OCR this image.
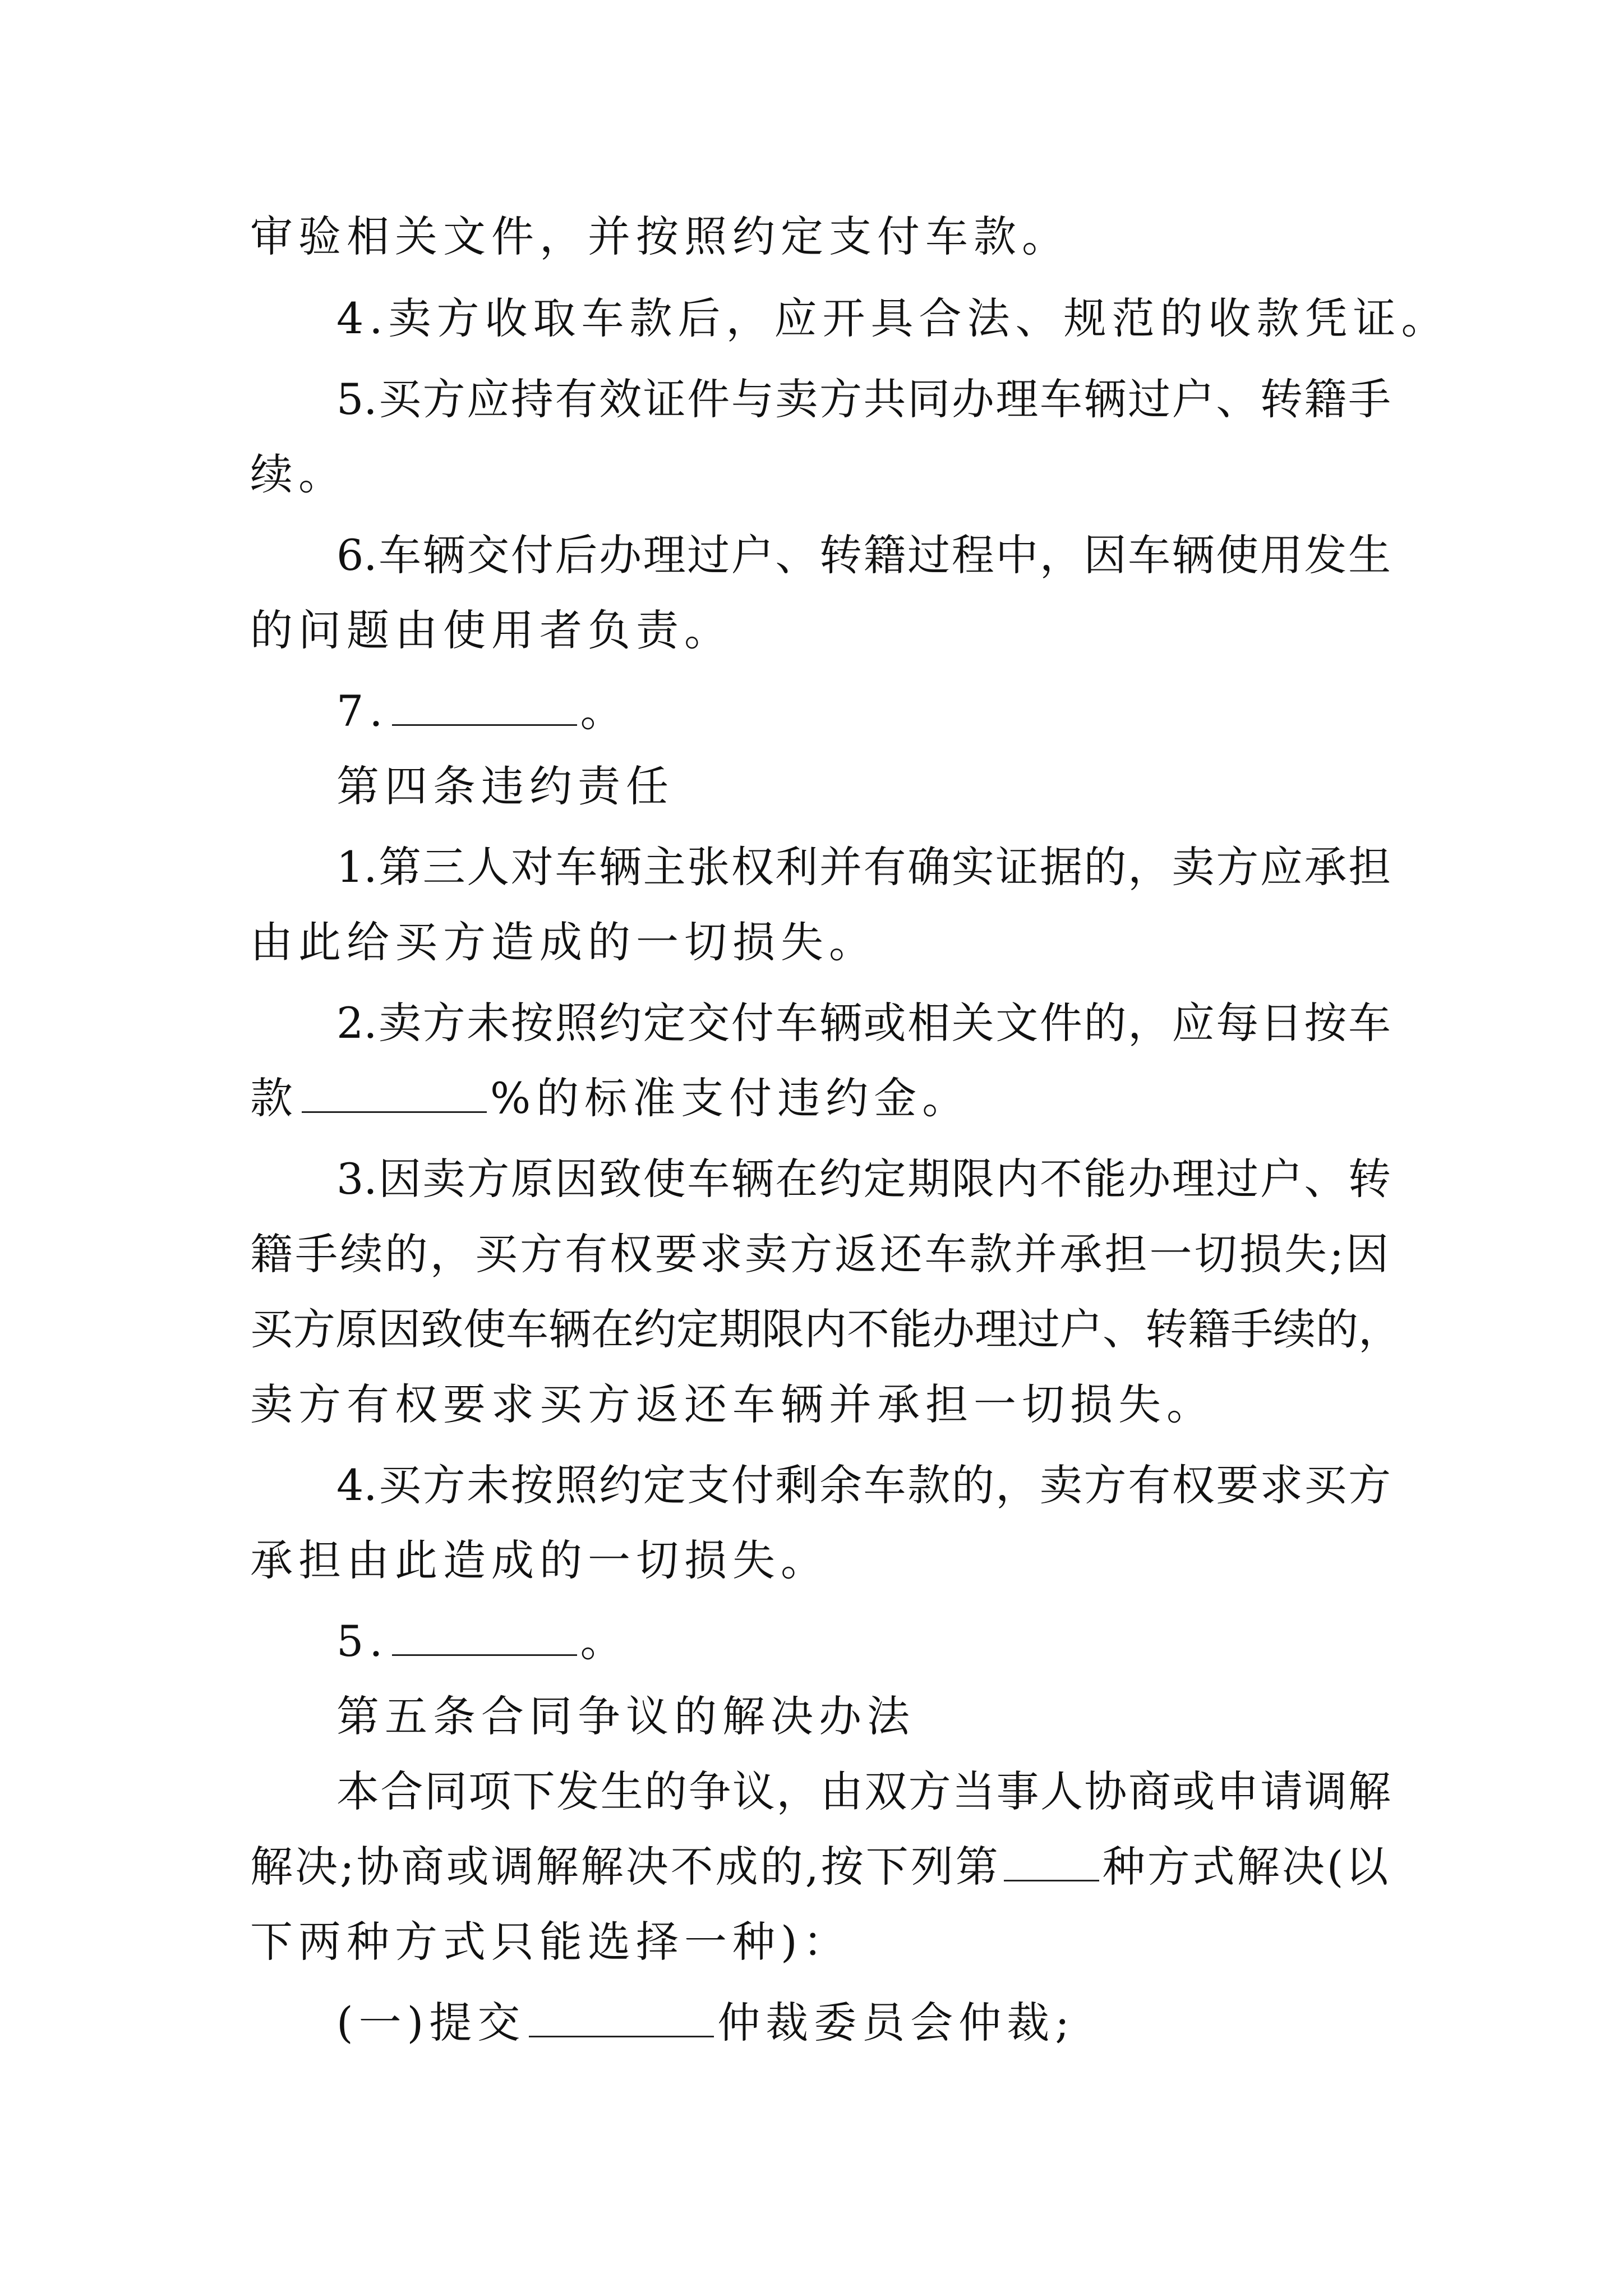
审验相关文件，并按照约定支付车款。
4.卖方收取车款后，应开具合法、规范的收款凭证。
5.买方应持有效证件与卖方共同办理车辆过户、转籍手
续。
6.车辆交付后办理过户、转籍过程中，因车辆使用发生
的问题由使用者负责。
7.	。
第四条违约责任
1.第三人对车辆主张权利并有确实证据的，卖方应承担
由此给买方造成的一切损失。
2.卖方未按照约定交付车辆或相关文件的，应每日按车
款	%的标准支付违约金。
3.因卖方原因致使车辆在约定期限内不能办理过户、转
籍手续的，买方有权要求卖方返还车款并承担一切损失;因
买方原因致使车辆在约定期限内不能办理过户、转籍手续的，
卖方有权要求买方返还车辆并承担一切损失。
4.买方未按照约定支付剩余车款的，卖方有权要求买方
承担由此造成的一切损失。
5.	。
第五条合同争议的解决办法
本合同项下发生的争议，由双方当事人协商或申请调解
解决;协商或调解解决不成的,按下列第 种方式解决(以
下两种方式只能选择一种)：
(一)提交	仲裁委员会仲裁;
